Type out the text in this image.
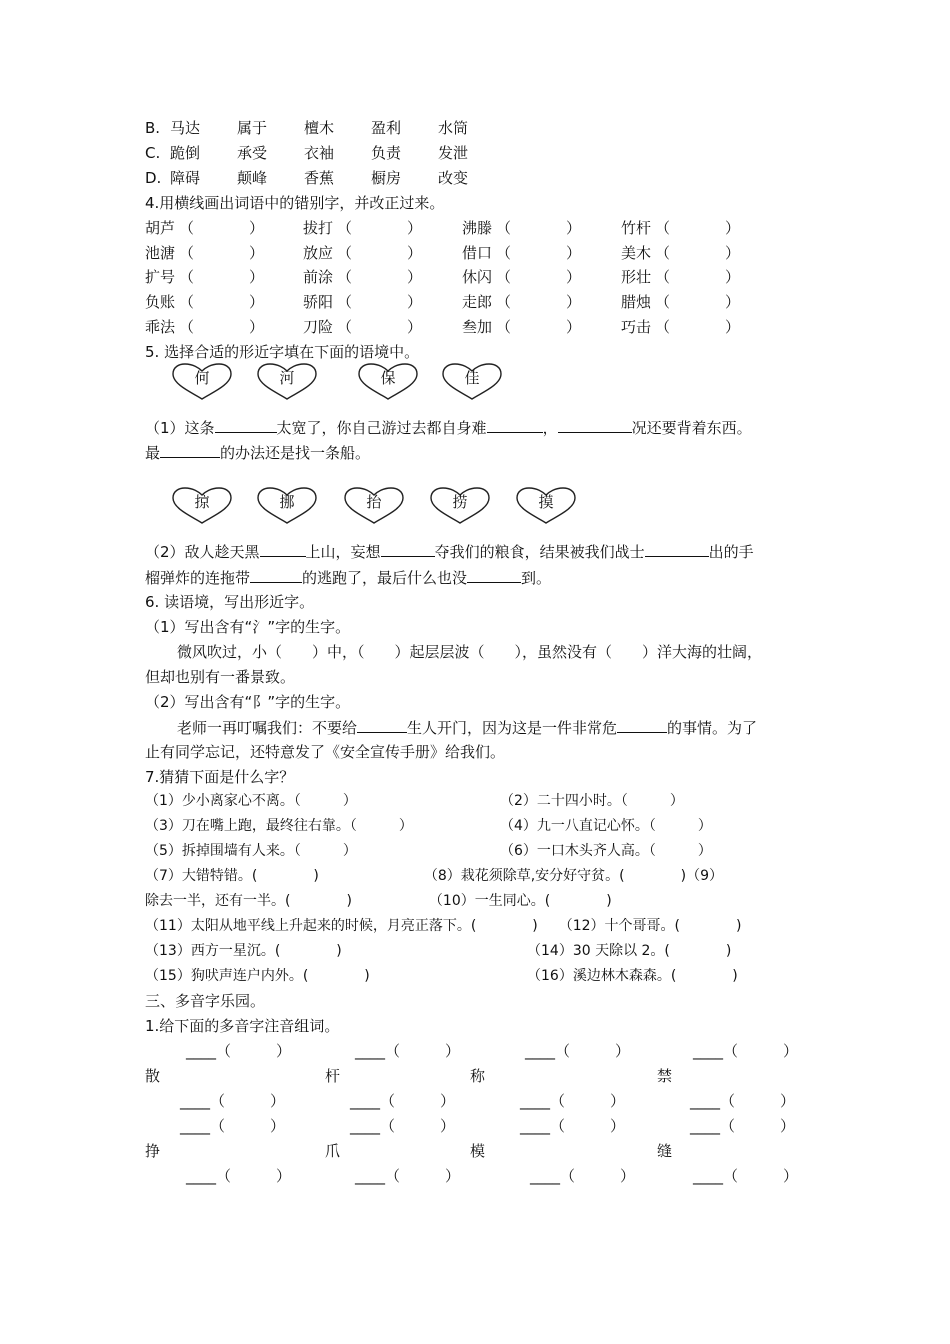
B. 马达 属于 檀木 盈利 水筒
C. 跪倒 承受 衣袖 负责 发泄
D. 障碍 颠峰 香蕉 橱房 改变
4.用横线画出词语中的错别字，并改正过来。
胡芦 （	）	拔打 （	）	沸滕 （	）	竹杆 （	）
池溏 （	）	放应 （	）	借口 （	）	美木 （	）
扩号 （	）	前涂 （	）	休闪 （	）	形壮 （	）
负账 （	）	骄阳 （	）	走郎 （	）	腊烛 （	）
乖法 （	）	刀险 （	）	叁加 （	）	巧击 （	）
5. 选择合适的形近字填在下面的语境中。
何	河	保	佳
（1）这条	太宽了，你自己游过去都自身难	，	况还要背着东西。
最	的办法还是找一条船。
掠	挪	抬	捞	摸
（2）敌人趁天黑	上山，妄想	夺我们的粮食，结果被我们战士	出的手
榴弹炸的连拖带	的逃跑了，最后什么也没	到。
6. 读语境，写出形近字。
（1）写出含有“氵”字的生字。
微风吹过，小（　　）中，（　　）起层层波（　　），虽然没有（　　）洋大海的壮阔，
但却也别有一番景致。
（2）写出含有“阝”字的生字。
老师一再叮嘱我们：不要给	生人开门，因为这是一件非常危	的事情。为了
止有同学忘记，还特意发了《安全宣传手册》给我们。
7.猜猜下面是什么字？
（1）少小离家心不离。（　　　）	（2）二十四小时。（　　　）
（3）刀在嘴上跑，最终往右靠。（　　　）	（4）九一八直记心怀。（　　　）
（5）拆掉围墙有人来。（　　　）	（6）一口木头齐人高。（　　　）
（7）大错特错。(　　　　)　　　　　　　　（8）栽花须除草,安分好守贫。(　　　　)（9）
除去一半，还有一半。(　　　　)　　　　　　（10）一生同心。(　　　　)
（11）太阳从地平线上升起来的时候，月亮正落下。(　　　　)　　（12）十个哥哥。(　　　　)
（13）西方一星沉。(　　　　)	（14）30 天除以 2。(　　　　)
（15）狗吠声连户内外。(　　　　)	（16）溪边林木森森。(　　　　)
三、多音字乐园。
1.给下面的多音字注音组词。
____（　　　）	____（　　　）	____（　　　）	____（　　　）
散	杆	称	禁
____（　　　）	____（　　　）	____（　　　）	____（　　　）
____（　　　）	____（　　　）	____（　　　）	____（　　　）
挣	爪	模	缝
____（　　　）	____（　　　）	____（　　　）	____（　　　）
